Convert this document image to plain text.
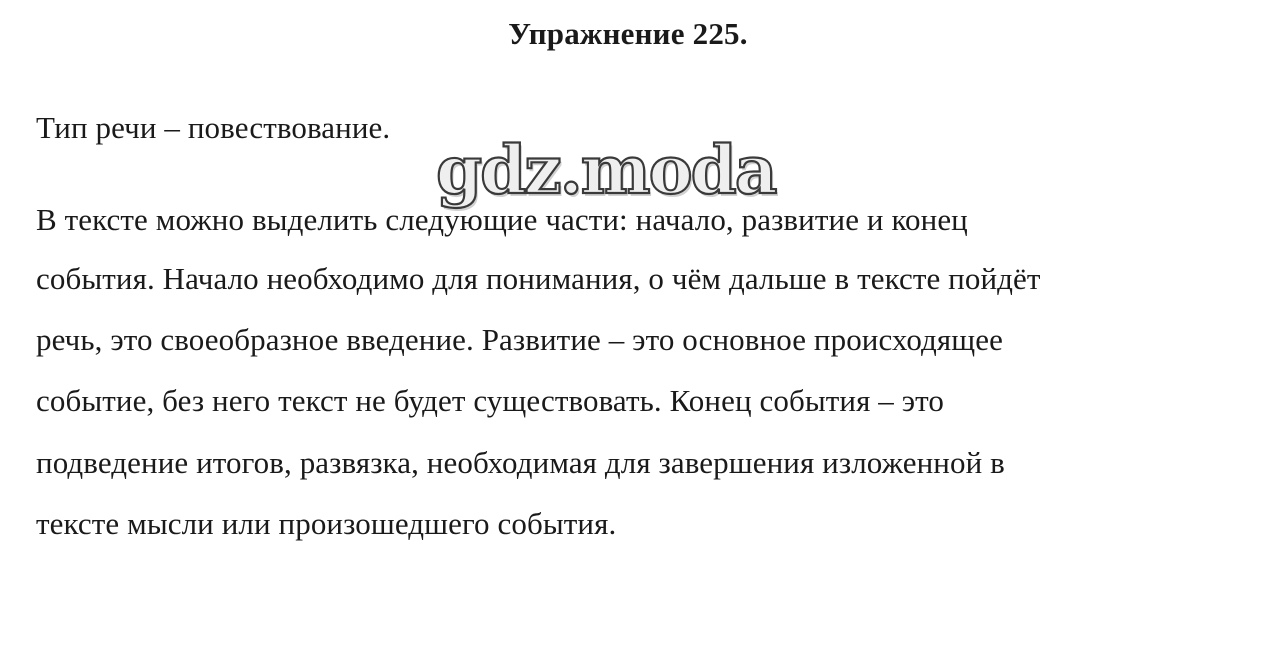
Упражнение 225.
Тип речи – повествование.
В тексте можно выделить следующие части: начало, развитие и конец
события. Начало необходимо для понимания, о чём дальше в тексте пойдёт
речь, это своеобразное введение. Развитие – это основное происходящее
событие, без него текст не будет существовать. Конец события – это
подведение итогов, развязка, необходимая для завершения изложенной в
тексте мысли или произошедшего события.
gdz.moda
